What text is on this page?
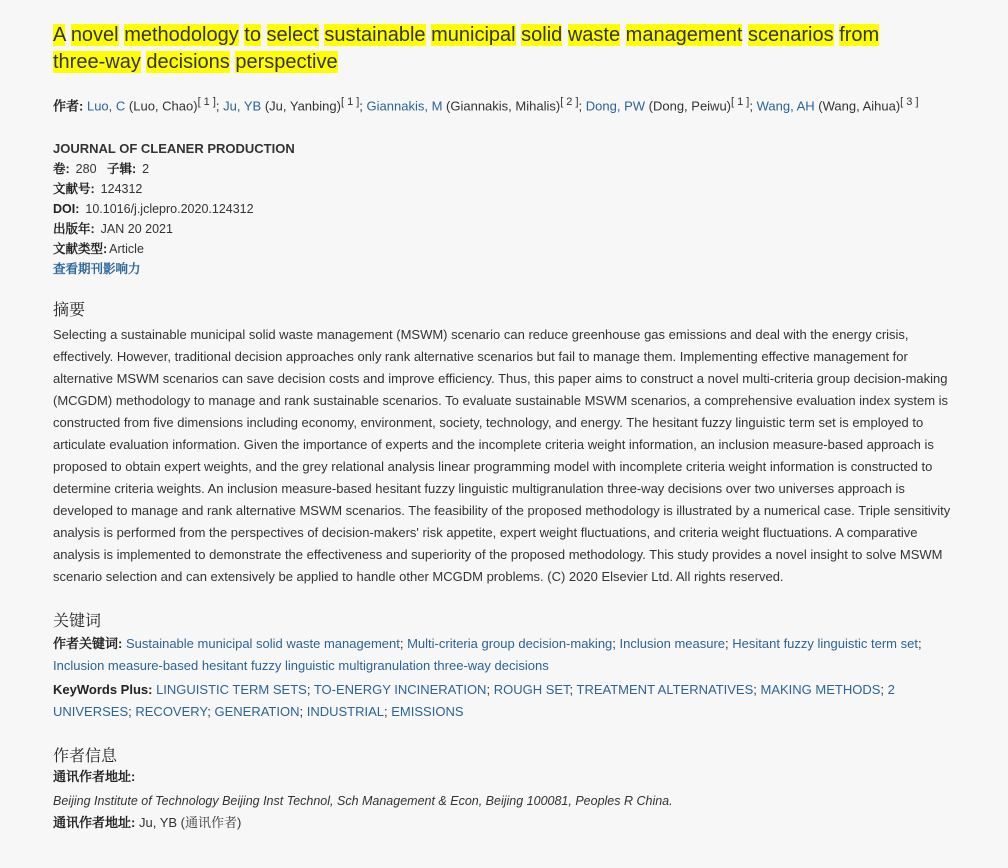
A novel methodology to select sustainable municipal solid waste management scenarios from three-way decisions perspective
作者: Luo, C (Luo, Chao)[ 1 ]; Ju, YB (Ju, Yanbing)[ 1 ]; Giannakis, M (Giannakis, Mihalis)[ 2 ]; Dong, PW (Dong, Peiwu)[ 1 ]; Wang, AH (Wang, Aihua)[ 3 ]
JOURNAL OF CLEANER PRODUCTION
卷: 280 子辑: 2
文献号: 124312
DOI: 10.1016/j.jclepro.2020.124312
出版年: JAN 20 2021
文献类型: Article
查看期刊影响力
摘要
Selecting a sustainable municipal solid waste management (MSWM) scenario can reduce greenhouse gas emissions and deal with the energy crisis, effectively. However, traditional decision approaches only rank alternative scenarios but fail to manage them. Implementing effective management for alternative MSWM scenarios can save decision costs and improve efficiency. Thus, this paper aims to construct a novel multi-criteria group decision-making (MCGDM) methodology to manage and rank sustainable scenarios. To evaluate sustainable MSWM scenarios, a comprehensive evaluation index system is constructed from five dimensions including economy, environment, society, technology, and energy. The hesitant fuzzy linguistic term set is employed to articulate evaluation information. Given the importance of experts and the incomplete criteria weight information, an inclusion measure-based approach is proposed to obtain expert weights, and the grey relational analysis linear programming model with incomplete criteria weight information is constructed to determine criteria weights. An inclusion measure-based hesitant fuzzy linguistic multigranulation three-way decisions over two universes approach is developed to manage and rank alternative MSWM scenarios. The feasibility of the proposed methodology is illustrated by a numerical case. Triple sensitivity analysis is performed from the perspectives of decision-makers' risk appetite, expert weight fluctuations, and criteria weight fluctuations. A comparative analysis is implemented to demonstrate the effectiveness and superiority of the proposed methodology. This study provides a novel insight to solve MSWM scenario selection and can extensively be applied to handle other MCGDM problems. (C) 2020 Elsevier Ltd. All rights reserved.
关键词
作者关键词: Sustainable municipal solid waste management; Multi-criteria group decision-making; Inclusion measure; Hesitant fuzzy linguistic term set; Inclusion measure-based hesitant fuzzy linguistic multigranulation three-way decisions
KeyWords Plus: LINGUISTIC TERM SETS; TO-ENERGY INCINERATION; ROUGH SET; TREATMENT ALTERNATIVES; MAKING METHODS; 2 UNIVERSES; RECOVERY; GENERATION; INDUSTRIAL; EMISSIONS
作者信息
通讯作者地址:
Beijing Institute of Technology Beijing Inst Technol, Sch Management & Econ, Beijing 100081, Peoples R China.
通讯作者地址: Ju, YB (通讯作者)
